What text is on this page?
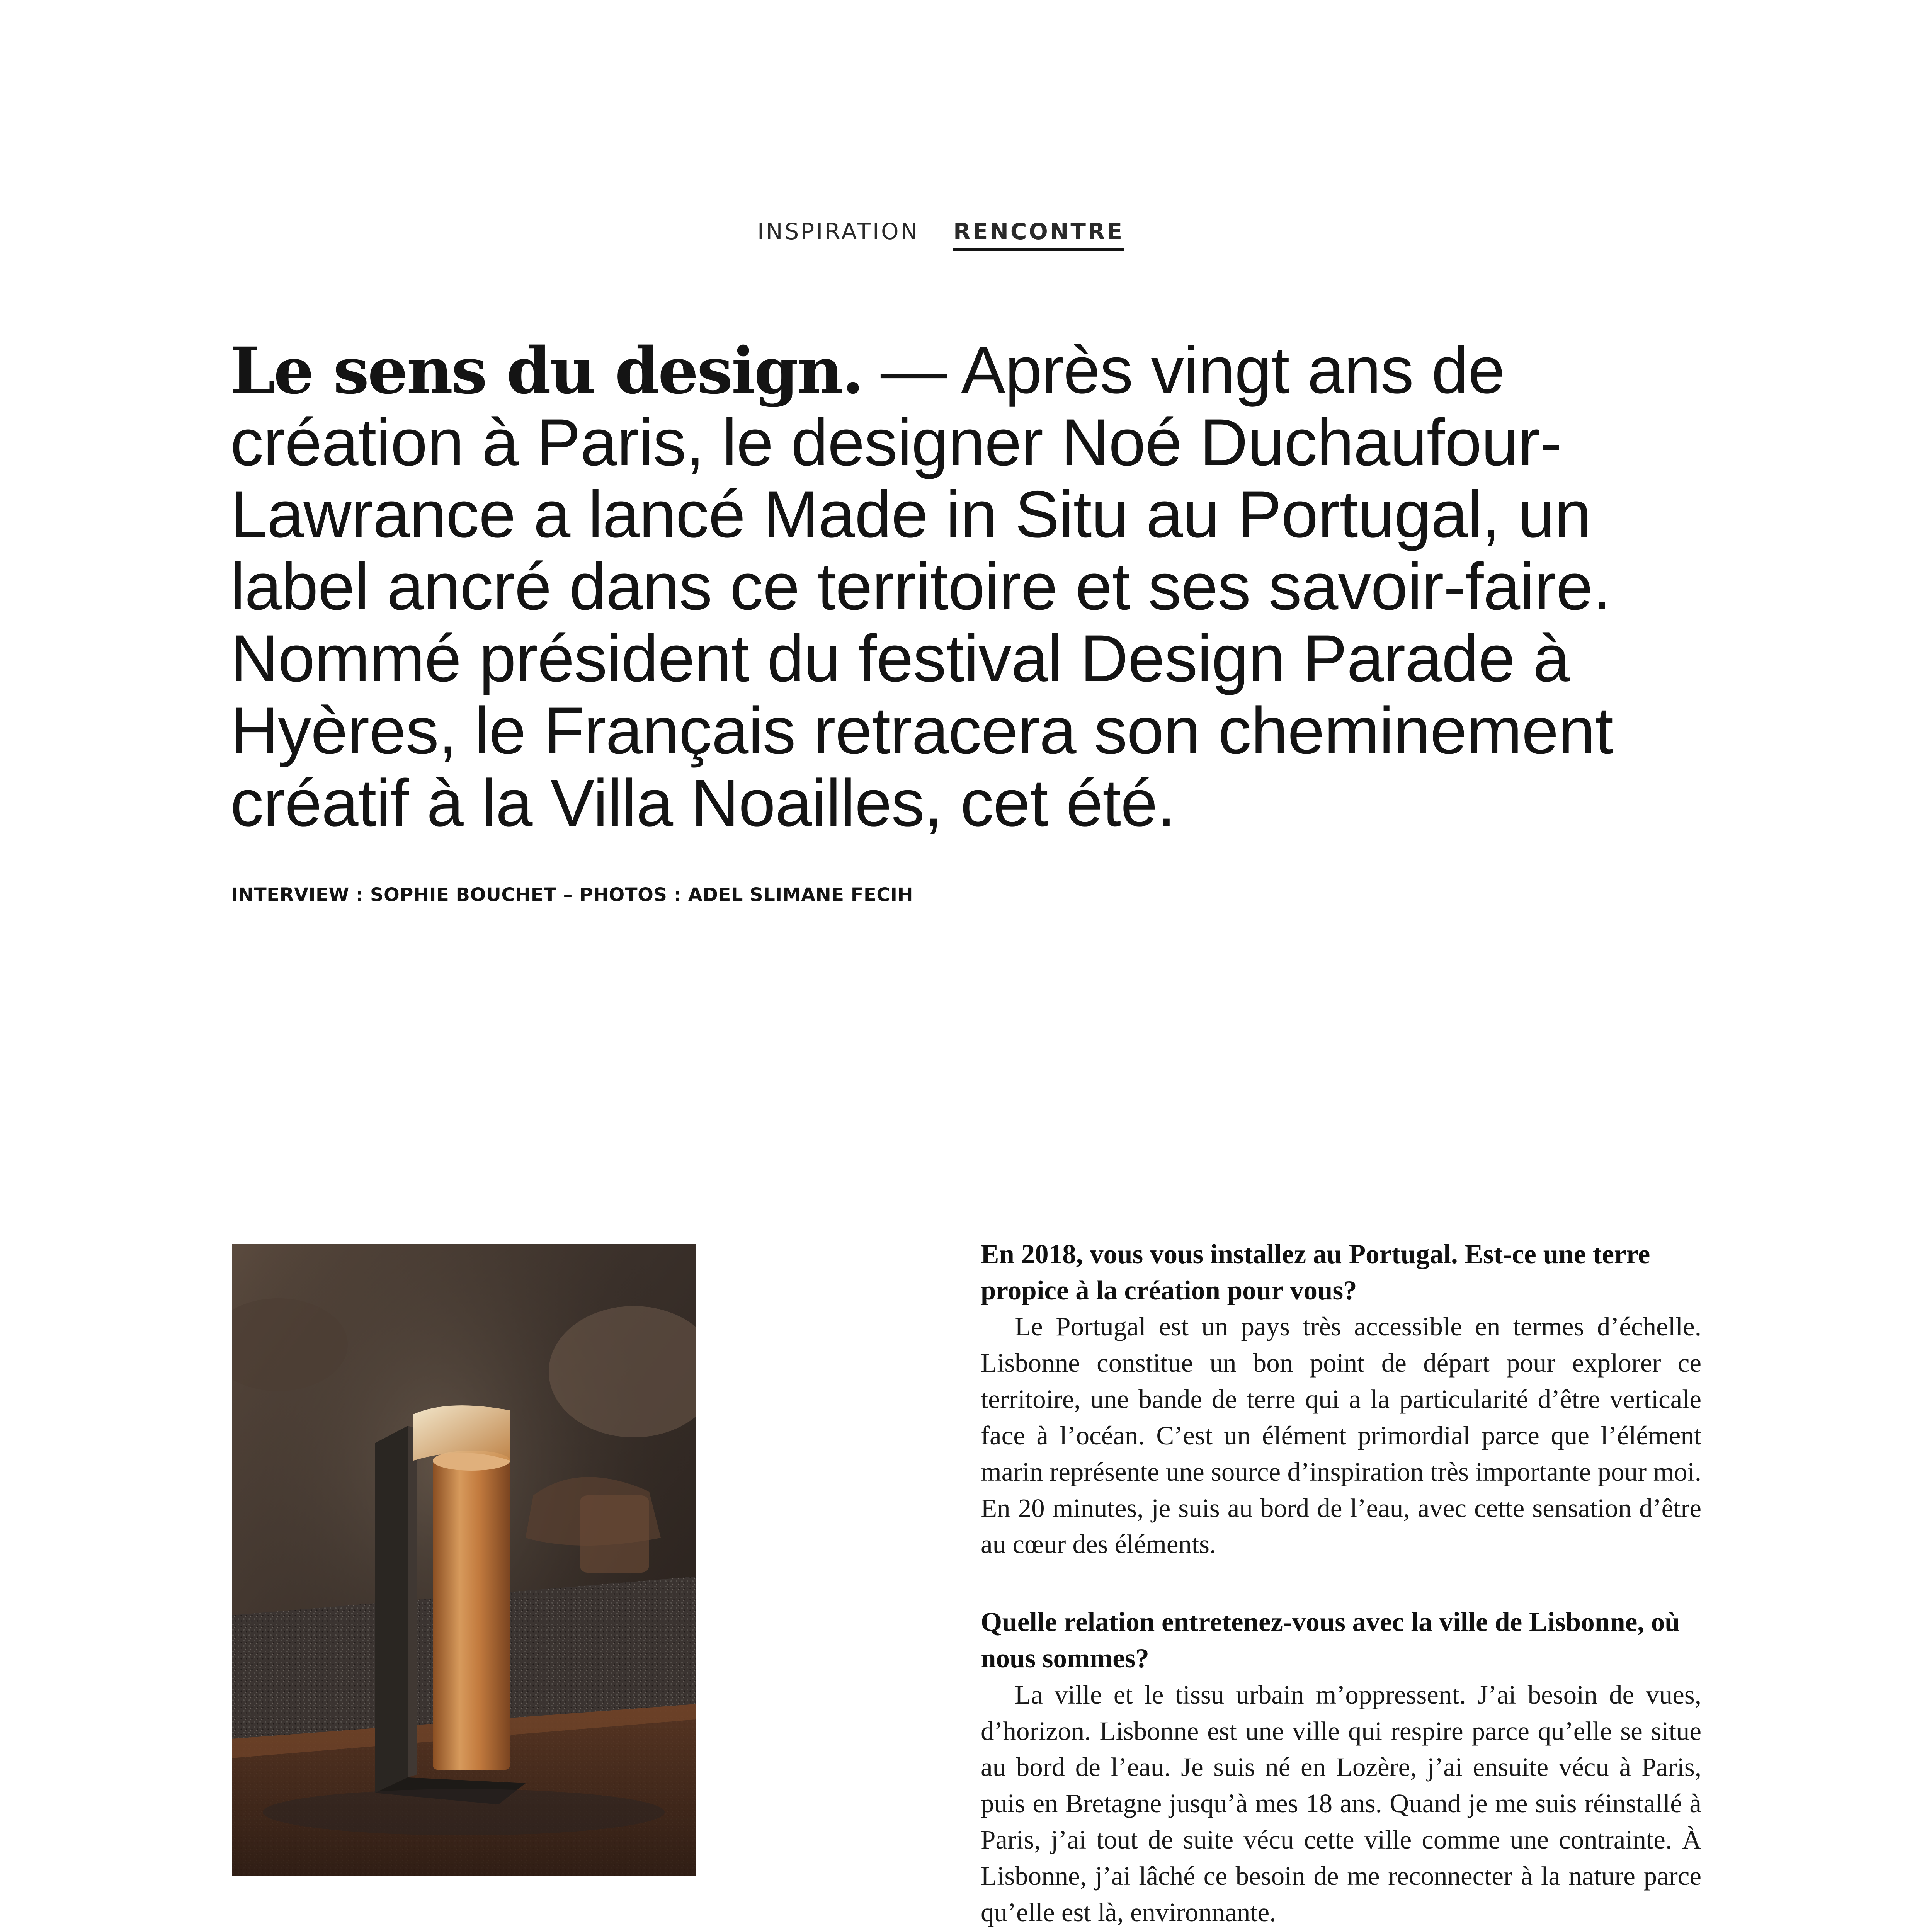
INSPIRATION RENCONTRE
Le sens du design. — Après vingt ans de création à Paris, le designer Noé Duchaufour-Lawrance a lancé Made in Situ au Portugal, un label ancré dans ce territoire et ses savoir-faire. Nommé président du festival Design Parade à Hyères, le Français retracera son cheminement créatif à la Villa Noailles, cet été.
INTERVIEW : SOPHIE BOUCHET – PHOTOS : ADEL SLIMANE FECIH

En 2018, vous vous installez au Portugal. Est-ce une terre propice à la création pour vous?

Le Portugal est un pays très accessible en termes d’échelle. Lisbonne constitue un bon point de départ pour explorer ce territoire, une bande de terre qui a la particularité d’être verticale face à l’océan. C’est un élément primordial parce que l’élément marin représente une source d’inspiration très importante pour moi. En 20 minutes, je suis au bord de l’eau, avec cette sensation d’être au cœur des éléments.

Quelle relation entretenez-vous avec la ville de Lisbonne, où nous sommes?

La ville et le tissu urbain m’oppressent. J’ai besoin de vues, d’horizon. Lisbonne est une ville qui respire parce qu’elle se situe au bord de l’eau. Je suis né en Lozère, j’ai ensuite vécu à Paris, puis en Bretagne jusqu’à mes 18 ans. Quand je me suis réinstallé à Paris, j’ai tout de suite vécu cette ville comme une contrainte. À Lisbonne, j’ai lâché ce besoin de me reconnecter à la nature parce qu’elle est là, environnante.
